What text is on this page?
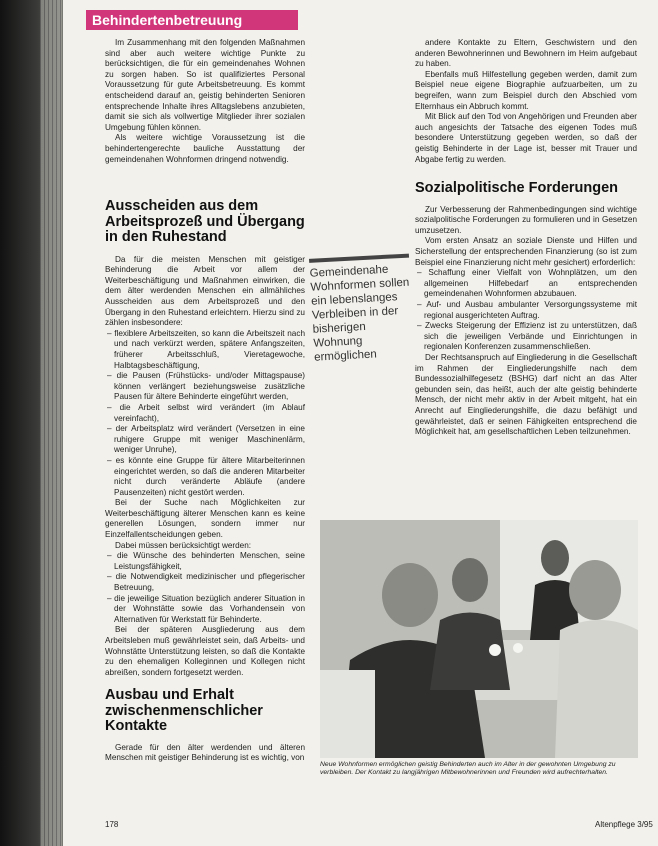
Behindertenbetreuung

Im Zusammenhang mit den folgenden Maßnahmen sind aber auch weitere wichtige Punkte zu berücksichtigen, die für ein gemeindenahes Wohnen zu sorgen haben. So ist qualifiziertes Personal Voraussetzung für gute Arbeitsbetreuung. Es kommt entscheidend darauf an, geistig behinderten Senioren entsprechende Inhalte ihres Alltagslebens anzubieten, damit sie sich als vollwertige Mitglieder ihrer sozialen Umgebung fühlen können.

Als weitere wichtige Voraussetzung ist die behindertengerechte bauliche Ausstattung der gemeindenahen Wohnformen dringend notwendig.

Ausscheiden aus dem Arbeitsprozeß und Übergang in den Ruhestand

Da für die meisten Menschen mit geistiger Behinderung die Arbeit vor allem der Weiterbeschäftigung und Maßnahmen einwirken, die dem älter werdenden Menschen ein allmähliches Ausscheiden aus dem Arbeitsprozeß und den Übergang in den Ruhestand erleichtern. Hierzu sind zu zählen insbesondere:

– flexiblere Arbeitszeiten, so kann die Arbeitszeit nach und nach verkürzt werden, spätere Anfangszeiten, früherer Arbeitsschluß, Vieretagewoche, Halbtagsbeschäftigung,
– die Pausen (Frühstücks- und/oder Mittagspause) können verlängert beziehungsweise zusätzliche Pausen für ältere Behinderte eingeführt werden,
– die Arbeit selbst wird verändert (im Ablauf vereinfacht),
– der Arbeitsplatz wird verändert (Versetzen in eine ruhigere Gruppe mit weniger Maschinenlärm, weniger Unruhe),
– es könnte eine Gruppe für ältere Mitarbeiterinnen eingerichtet werden, so daß die anderen Mitarbeiter nicht durch veränderte Abläufe (andere Pausenzeiten) nicht gestört werden.

Bei der Suche nach Möglichkeiten zur Weiterbeschäftigung älterer Menschen kann es keine generellen Lösungen, sondern immer nur Einzelfallentscheidungen geben.

Dabei müssen berücksichtigt werden:

– die Wünsche des behinderten Menschen, seine Leistungsfähigkeit,
– die Notwendigkeit medizinischer und pflegerischer Betreuung,
– die jeweilige Situation bezüglich anderer Situation in der Wohnstätte sowie das Vorhandensein von Alternativen für Werkstatt für Behinderte.

Bei der späteren Ausgliederung aus dem Arbeitsleben muß gewährleistet sein, daß Arbeits- und Wohnstätte Unterstützung leisten, so daß die Kontakte zu den ehemaligen Kolleginnen und Kollegen nicht abreißen, sondern fortgesetzt werden.

Ausbau und Erhalt zwischenmenschlicher Kontakte

Gerade für den älter werdenden und älteren Menschen mit geistiger Behinderung ist es wichtig, von

Gemeindenahe Wohnformen sollen ein lebenslanges Verbleiben in der bisherigen Wohnung ermöglichen

andere Kontakte zu Eltern, Geschwistern und den anderen Bewohnerinnen und Bewohnern im Heim aufgebaut zu haben.

Ebenfalls muß Hilfestellung gegeben werden, damit zum Beispiel neue eigene Biographie aufzuarbeiten, um zu begreifen, wann zum Beispiel durch den Abschied vom Elternhaus ein Abbruch kommt.

Mit Blick auf den Tod von Angehörigen und Freunden aber auch angesichts der Tatsache des eigenen Todes muß besondere Unterstützung gegeben werden, so daß der geistig Behinderte in der Lage ist, besser mit Trauer und Abgabe fertig zu werden.

Sozialpolitische Forderungen

Zur Verbesserung der Rahmenbedingungen sind wichtige sozialpolitische Forderungen zu formulieren und in Gesetzen umzusetzen.

Vom ersten Ansatz an soziale Dienste und Hilfen und Sicherstellung der entsprechenden Finanzierung (so ist zum Beispiel eine Finanzierung nicht mehr gesichert) erforderlich:

– Schaffung einer Vielfalt von Wohnplätzen, um den allgemeinen Hilfebedarf an entsprechenden gemeindenahen Wohnformen abzubauen.
– Auf- und Ausbau ambulanter Versorgungssysteme mit regional ausgerichteten Auftrag.
– Zwecks Steigerung der Effizienz ist zu unterstützen, daß sich die jeweiligen Verbände und Einrichtungen in regionalen Konferenzen zusammenschließen.

Der Rechtsanspruch auf Eingliederung in die Gesellschaft im Rahmen der Eingliederungshilfe nach dem Bundessozialhilfegesetz (BSHG) darf nicht an das Alter gebunden sein, das heißt, auch der alte geistig behinderte Mensch, der nicht mehr aktiv in der Arbeit mitgeht, hat ein Anrecht auf Eingliederungshilfe, die dazu befähigt und gewährleistet, daß er seinen Fähigkeiten entsprechend die Möglichkeit hat, am gesellschaftlichen Leben teilzunehmen.

Neue Wohnformen ermöglichen geistig Behinderten auch im Alter in der gewohnten Umgebung zu verbleiben. Der Kontakt zu langjährigen Mitbewohnerinnen und Freunden wird aufrechterhalten.
178	Altenpflege 3/95
